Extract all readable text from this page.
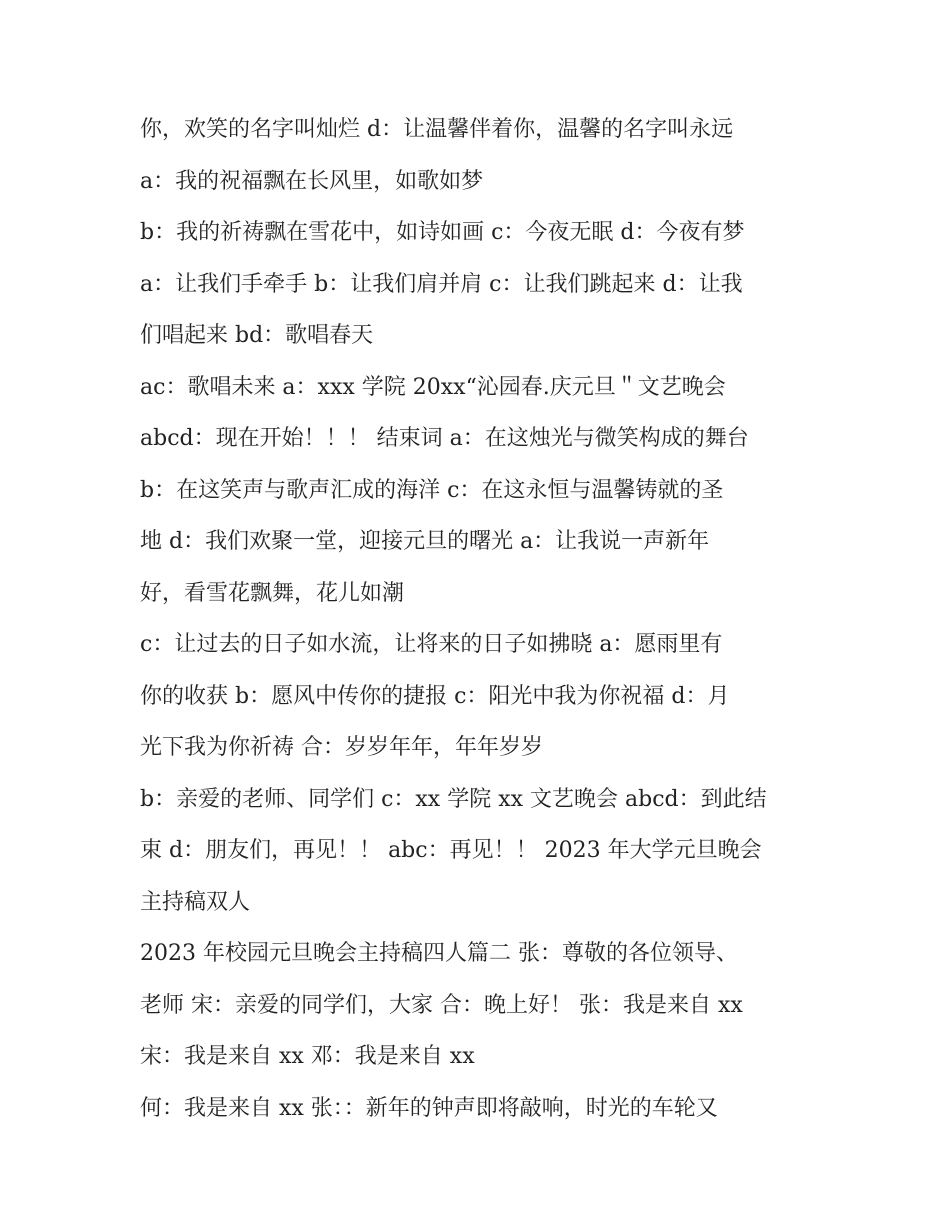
你，欢笑的名字叫灿烂 d：让温馨伴着你，温馨的名字叫永远
a：我的祝福飘在长风里，如歌如梦
b：我的祈祷飘在雪花中，如诗如画 c：今夜无眠 d：今夜有梦
a：让我们手牵手 b：让我们肩并肩 c：让我们跳起来 d：让我
们唱起来 bd：歌唱春天
ac：歌唱未来 a：xxx 学院 20xx“沁园春.庆元旦＂文艺晚会
abcd：现在开始！！！ 结束词 a：在这烛光与微笑构成的舞台
b：在这笑声与歌声汇成的海洋 c：在这永恒与温馨铸就的圣
地 d：我们欢聚一堂，迎接元旦的曙光 a：让我说一声新年
好，看雪花飘舞，花儿如潮
c：让过去的日子如水流，让将来的日子如拂晓 a：愿雨里有
你的收获 b：愿风中传你的捷报 c：阳光中我为你祝福 d：月
光下我为你祈祷 合：岁岁年年，年年岁岁
b：亲爱的老师、同学们 c：xx 学院 xx 文艺晚会 abcd：到此结
束 d：朋友们，再见！！ abc：再见！！ 2023 年大学元旦晚会
主持稿双人
2023 年校园元旦晚会主持稿四人篇二 张：尊敬的各位领导、
老师 宋：亲爱的同学们，大家 合：晚上好！ 张：我是来自 xx
宋：我是来自 xx 邓：我是来自 xx
何：我是来自 xx 张：：新年的钟声即将敲响，时光的车轮又
